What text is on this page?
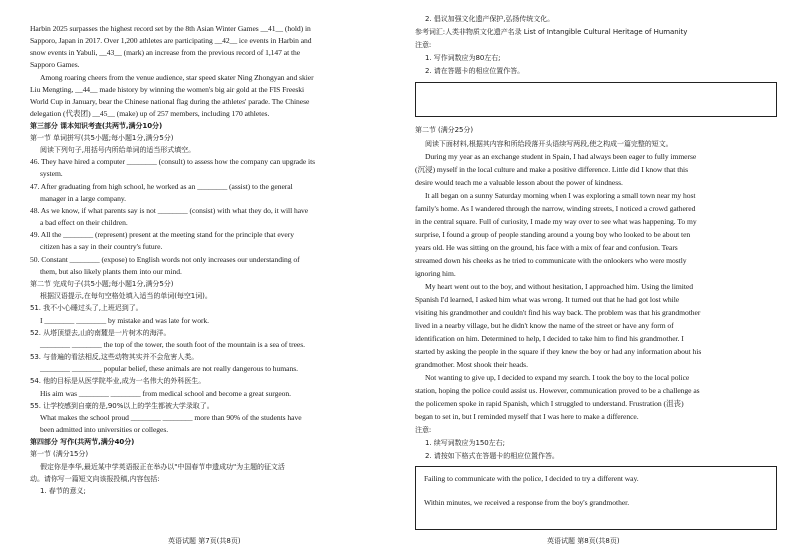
Harbin 2025 surpasses the highest record set by the 8th Asian Winter Games __41__ (hold) in
Sapporo, Japan in 2017. Over 1,200 athletes are participating __42__ ice events in Harbin and
snow events in Yabuli, __43__ (mark) an increase from the previous record of 1,147 at the
Sapporo Games.
Among roaring cheers from the venue audience, star speed skater Ning Zhongyan and skier
Liu Mengting, __44__ made history by winning the women's big air gold at the FIS Freeski
World Cup in January, bear the Chinese national flag during the athletes' parade. The Chinese
delegation (代表团) __45__ (make) up of 257 members, including 170 athletes.
第三部分 课本知识考查(共两节,满分10分)
第一节 单词拼写(共5小题;每小题1分,满分5分)
阅读下列句子,用括号内所给单词的适当形式填空。
46. They have hired a computer ________ (consult) to assess how the company can upgrade its
system.
47. After graduating from high school, he worked as an ________ (assist) to the general
manager in a large company.
48. As we know, if what parents say is not ________ (consist) with what they do, it will have
a bad effect on their children.
49. All the ________ (represent) present at the meeting stand for the principle that every
citizen has a say in their country's future.
50. Constant ________ (expose) to English words not only increases our understanding of
them, but also likely plants them into our mind.
第二节 完成句子(共5小题;每小题1分,满分5分)
根据汉语提示,在每句空格处填入适当的单词(每空1词)。
51. 我不小心睡过头了,上班迟到了。
I ________ ________ by mistake and was late for work.
52. 从塔顶望去,山的南麓是一片树木的海洋。
________ ________ the top of the tower, the south foot of the mountain is a sea of trees.
53. 与普遍的看法相反,这些动物其实并不会危害人类。
________ ________ popular belief, these animals are not really dangerous to humans.
54. 他的目标是从医学院毕业,成为一名伟大的外科医生。
His aim was ________ ________ from medical school and become a great surgeon.
55. 让学校感到自豪的是,90%以上的学生都被大学录取了。
What makes the school proud ________ ________ more than 90% of the students have
been admitted into universities or colleges.
第四部分 写作(共两节,满分40分)
第一节 (满分15分)
假定你是李华,最近某中学英语报正在举办以"中国春节申遗成功"为主题的征文活
动。请你写一篇短文向该报投稿,内容包括:
1. 春节的意义;
英语试题 第7页(共8页)
2. 倡议加强文化遗产保护,弘扬传统文化。
参考词汇:人类非物质文化遗产名录 List of Intangible Cultural Heritage of Humanity
注意:
1. 写作词数应为80左右;
2. 请在答题卡的相应位置作答。
第二节 (满分25分)
阅读下面材料,根据其内容和所给段落开头语续写两段,使之构成一篇完整的短文。
During my year as an exchange student in Spain, I had always been eager to fully immerse
(沉浸) myself in the local culture and make a positive difference. Little did I know that this
desire would teach me a valuable lesson about the power of kindness.
It all began on a sunny Saturday morning when I was exploring a small town near my host
family's home. As I wandered through the narrow, winding streets, I noticed a crowd gathered
in the central square. Full of curiosity, I made my way over to see what was happening. To my
surprise, I found a group of people standing around a young boy who looked to be about ten
years old. He was sitting on the ground, his face with a mix of fear and confusion. Tears
streamed down his cheeks as he tried to communicate with the onlookers who were mostly
ignoring him.
My heart went out to the boy, and without hesitation, I approached him. Using the limited
Spanish I'd learned, I asked him what was wrong. It turned out that he had got lost while
visiting his grandmother and couldn't find his way back. The problem was that his grandmother
lived in a nearby village, but he didn't know the name of the street or have any form of
identification on him. Determined to help, I decided to take him to find his grandmother. I
started by asking the people in the square if they knew the boy or had any information about his
grandmother. Most shook their heads.
Not wanting to give up, I decided to expand my search. I took the boy to the local police
station, hoping the police could assist us. However, communication proved to be a challenge as
the policemen spoke in rapid Spanish, which I struggled to understand. Frustration (沮丧)
began to set in, but I reminded myself that I was here to make a difference.
注意:
1. 续写词数应为150左右;
2. 请按如下格式在答题卡的相应位置作答。
Failing to communicate with the police, I decided to try a different way.
Within minutes, we received a response from the boy's grandmother.
英语试题 第8页(共8页)
